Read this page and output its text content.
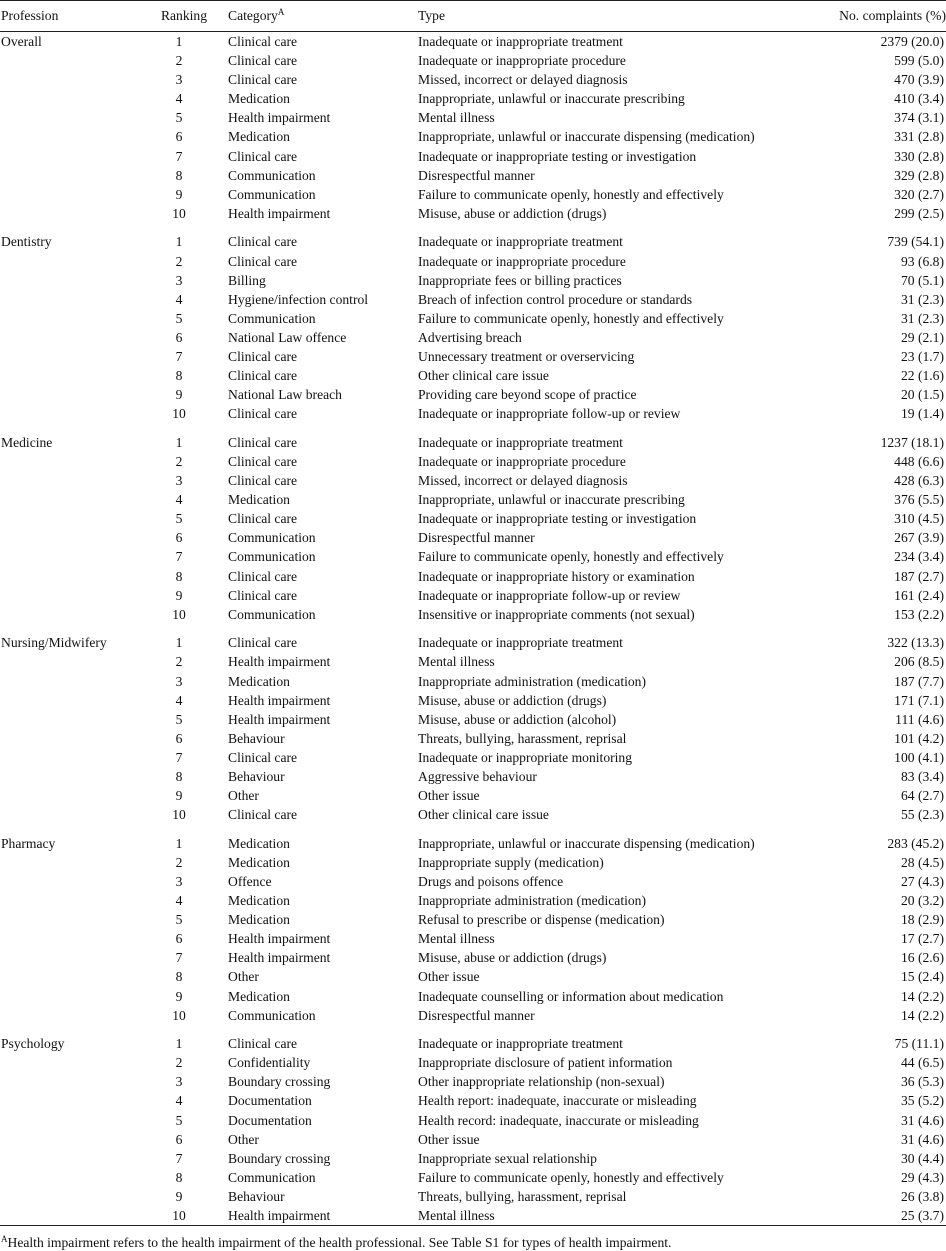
Profession	Ranking	Category$^A$	Type	No. complaints (%)
Overall	1	Clinical care	Inadequate or inappropriate treatment	2379 (20.0)
	2	Clinical care	Inadequate or inappropriate procedure	599 (5.0)
	3	Clinical care	Missed, incorrect or delayed diagnosis	470 (3.9)
	4	Medication	Inappropriate, unlawful or inaccurate prescribing	410 (3.4)
	5	Health impairment	Mental illness	374 (3.1)
	6	Medication	Inappropriate, unlawful or inaccurate dispensing (medication)	331 (2.8)
	7	Clinical care	Inadequate or inappropriate testing or investigation	330 (2.8)
	8	Communication	Disrespectful manner	329 (2.8)
	9	Communication	Failure to communicate openly, honestly and effectively	320 (2.7)
	10	Health impairment	Misuse, abuse or addiction (drugs)	299 (2.5)

Dentistry	1	Clinical care	Inadequate or inappropriate treatment	739 (54.1)
	2	Clinical care	Inadequate or inappropriate procedure	93 (6.8)
	3	Billing	Inappropriate fees or billing practices	70 (5.1)
	4	Hygiene/infection control	Breach of infection control procedure or standards	31 (2.3)
	5	Communication	Failure to communicate openly, honestly and effectively	31 (2.3)
	6	National Law offence	Advertising breach	29 (2.1)
	7	Clinical care	Unnecessary treatment or overservicing	23 (1.7)
	8	Clinical care	Other clinical care issue	22 (1.6)
	9	National Law breach	Providing care beyond scope of practice	20 (1.5)
	10	Clinical care	Inadequate or inappropriate follow-up or review	19 (1.4)

Medicine	1	Clinical care	Inadequate or inappropriate treatment	1237 (18.1)
	2	Clinical care	Inadequate or inappropriate procedure	448 (6.6)
	3	Clinical care	Missed, incorrect or delayed diagnosis	428 (6.3)
	4	Medication	Inappropriate, unlawful or inaccurate prescribing	376 (5.5)
	5	Clinical care	Inadequate or inappropriate testing or investigation	310 (4.5)
	6	Communication	Disrespectful manner	267 (3.9)
	7	Communication	Failure to communicate openly, honestly and effectively	234 (3.4)
	8	Clinical care	Inadequate or inappropriate history or examination	187 (2.7)
	9	Clinical care	Inadequate or inappropriate follow-up or review	161 (2.4)
	10	Communication	Insensitive or inappropriate comments (not sexual)	153 (2.2)

Nursing/Midwifery	1	Clinical care	Inadequate or inappropriate treatment	322 (13.3)
	2	Health impairment	Mental illness	206 (8.5)
	3	Medication	Inappropriate administration (medication)	187 (7.7)
	4	Health impairment	Misuse, abuse or addiction (drugs)	171 (7.1)
	5	Health impairment	Misuse, abuse or addiction (alcohol)	111 (4.6)
	6	Behaviour	Threats, bullying, harassment, reprisal	101 (4.2)
	7	Clinical care	Inadequate or inappropriate monitoring	100 (4.1)
	8	Behaviour	Aggressive behaviour	83 (3.4)
	9	Other	Other issue	64 (2.7)
	10	Clinical care	Other clinical care issue	55 (2.3)

Pharmacy	1	Medication	Inappropriate, unlawful or inaccurate dispensing (medication)	283 (45.2)
	2	Medication	Inappropriate supply (medication)	28 (4.5)
	3	Offence	Drugs and poisons offence	27 (4.3)
	4	Medication	Inappropriate administration (medication)	20 (3.2)
	5	Medication	Refusal to prescribe or dispense (medication)	18 (2.9)
	6	Health impairment	Mental illness	17 (2.7)
	7	Health impairment	Misuse, abuse or addiction (drugs)	16 (2.6)
	8	Other	Other issue	15 (2.4)
	9	Medication	Inadequate counselling or information about medication	14 (2.2)
	10	Communication	Disrespectful manner	14 (2.2)

Psychology	1	Clinical care	Inadequate or inappropriate treatment	75 (11.1)
	2	Confidentiality	Inappropriate disclosure of patient information	44 (6.5)
	3	Boundary crossing	Other inappropriate relationship (non-sexual)	36 (5.3)
	4	Documentation	Health report: inadequate, inaccurate or misleading	35 (5.2)
	5	Documentation	Health record: inadequate, inaccurate or misleading	31 (4.6)
	6	Other	Other issue	31 (4.6)
	7	Boundary crossing	Inappropriate sexual relationship	30 (4.4)
	8	Communication	Failure to communicate openly, honestly and effectively	29 (4.3)
	9	Behaviour	Threats, bullying, harassment, reprisal	26 (3.8)
	10	Health impairment	Mental illness	25 (3.7)
$^A$Health impairment refers to the health impairment of the health professional. See Table S1 for types of health impairment.
